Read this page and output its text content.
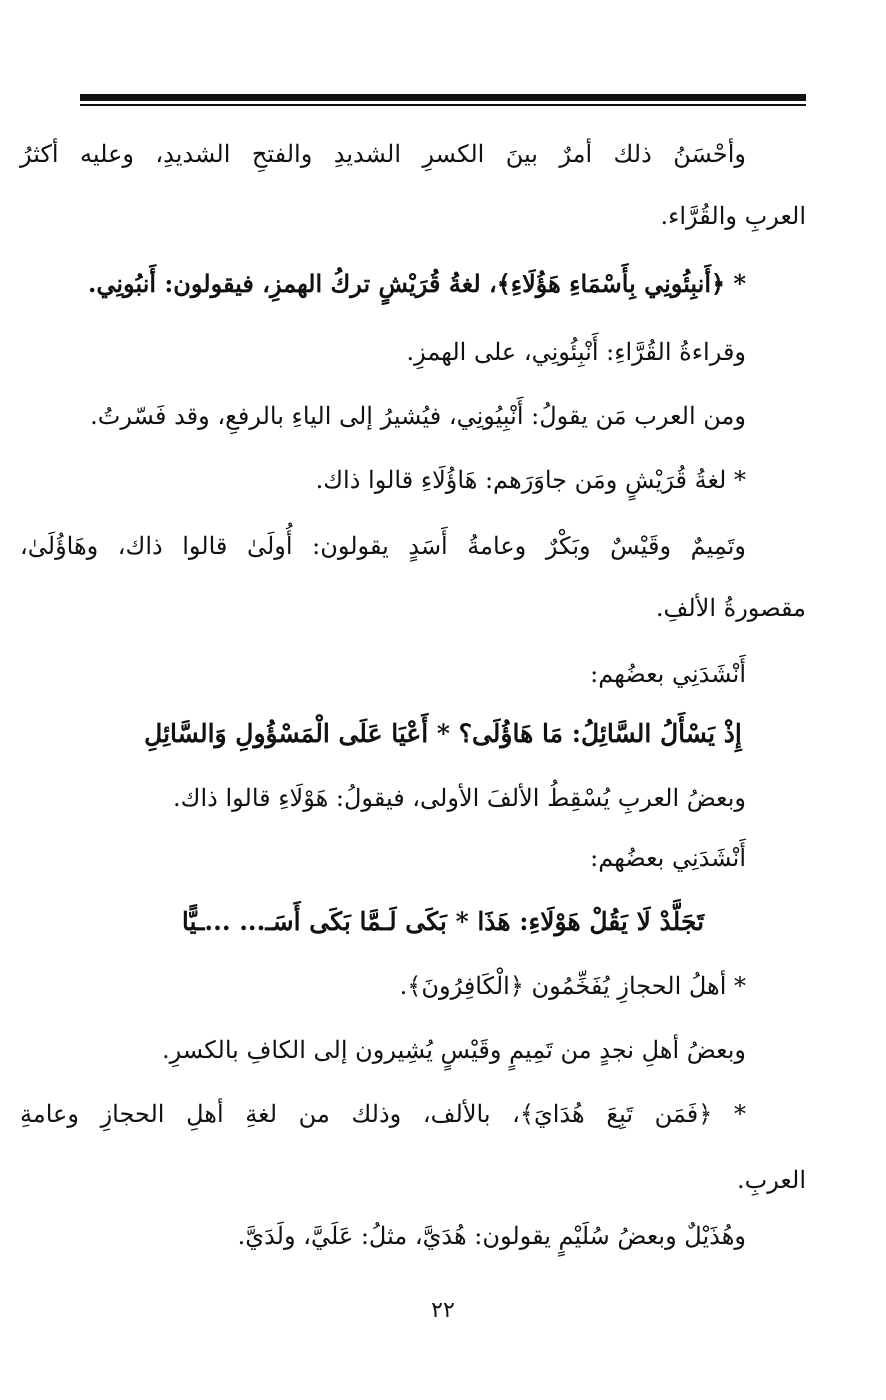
وأحْسَنُ ذلك أمرٌ بينَ الكسرِ الشديدِ والفتحِ الشديدِ، وعليه أكثرُ
العربِ والقُرَّاء.
* ﴿أَنبِئُونِي بِأَسْمَاءِ هَؤُلَاءِ﴾، لغةُ قُرَيْشٍ تركُ الهمزِ، فيقولون: أَنبُونِي.
وقراءةُ القُرَّاءِ: أَنْبِئُونِي، على الهمزِ.
ومن العرب مَن يقولُ: أَنْبِيُونِي، فيُشيرُ إلى الياءِ بالرفعِ، وقد فَسّرتُ.
* لغةُ قُرَيْشٍ ومَن جاوَرَهم: هَاؤُلَاءِ قالوا ذاك.
وتَمِيمٌ وقَيْسٌ وبَكْرٌ وعامةُ أَسَدٍ يقولون: أُولَىٰ قالوا ذاك، وهَاؤُلَىٰ،
مقصورةُ الألفِ.
أَنْشَدَنِي بعضُهم:
إِذْ يَسْأَلُ السَّائِلُ: مَا هَاؤُلَى؟ * أَعْيَا عَلَى الْمَسْؤُولِ وَالسَّائِلِ
وبعضُ العربِ يُسْقِطُ الألفَ الأولى، فيقولُ: هَوْلَاءِ قالوا ذاك.
أَنْشَدَنِي بعضُهم:
تَجَلَّدْ لَا يَقُلْ هَوْلَاءِ: هَذَا * بَكَى لَـمَّا بَكَى أَسَـ... ...ـيًّا
* أهلُ الحجازِ يُفَخِّمُون ﴿الْكَافِرُونَ﴾.
وبعضُ أهلِ نجدٍ من تَمِيمٍ وقَيْسٍ يُشِيرون إلى الكافِ بالكسرِ.
* ﴿فَمَن تَبِعَ هُدَايَ﴾، بالألف، وذلك من لغةِ أهلِ الحجازِ وعامةِ
العربِ.
وهُذَيْلٌ وبعضُ سُلَيْمٍ يقولون: هُدَيَّ، مثلُ: عَلَيَّ، ولَدَيَّ.
٢٢
